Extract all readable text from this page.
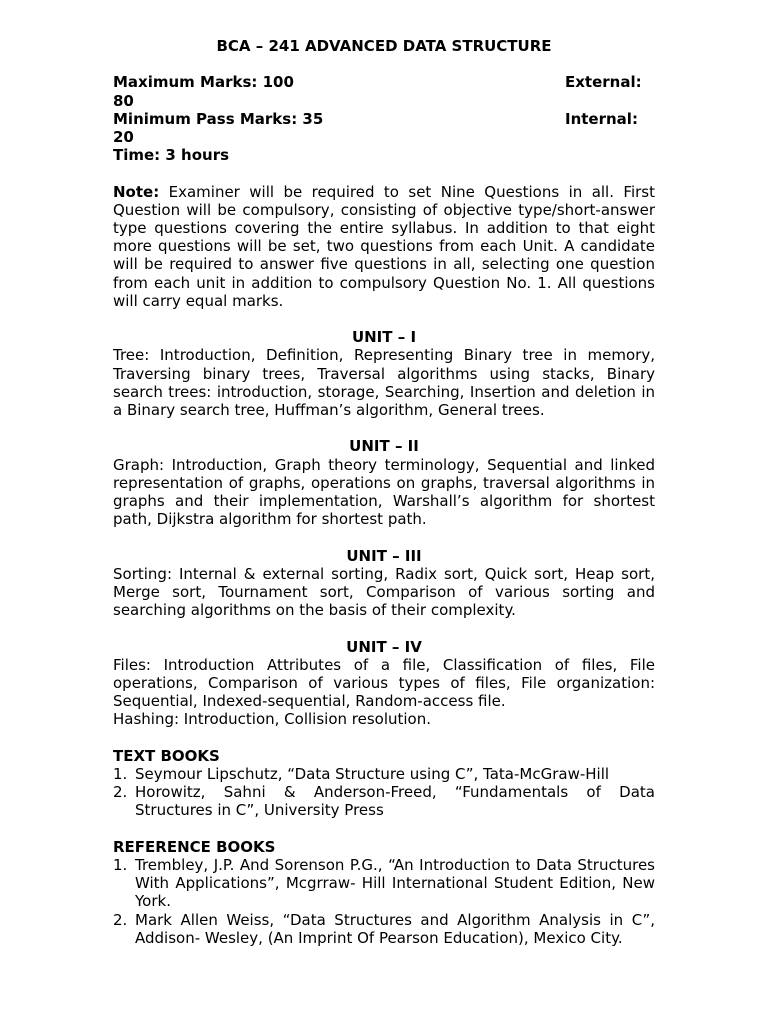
BCA – 241 ADVANCED DATA STRUCTURE

Maximum Marks: 100	External:
80
Minimum Pass Marks: 35	Internal:
20
Time: 3 hours

Note: Examiner will be required to set Nine Questions in all. First Question will be compulsory, consisting of objective type/short-answer type questions covering the entire syllabus. In addition to that eight more questions will be set, two questions from each Unit. A candidate will be required to answer five questions in all, selecting one question from each unit in addition to compulsory Question No. 1. All questions will carry equal marks.

UNIT – I

Tree: Introduction, Definition, Representing Binary tree in memory, Traversing binary trees, Traversal algorithms using stacks, Binary search trees: introduction, storage, Searching, Insertion and deletion in a Binary search tree, Huffman’s algorithm, General trees.

UNIT – II

Graph: Introduction, Graph theory terminology, Sequential and linked representation of graphs, operations on graphs, traversal algorithms in graphs and their implementation, Warshall’s algorithm for shortest path, Dijkstra algorithm for shortest path.

UNIT – III

Sorting: Internal & external sorting, Radix sort, Quick sort, Heap sort, Merge sort, Tournament sort, Comparison of various sorting and searching algorithms on the basis of their complexity.

UNIT – IV

Files: Introduction Attributes of a file, Classification of files, File operations, Comparison of various types of files, File organization: Sequential, Indexed-sequential, Random-access file.

Hashing: Introduction, Collision resolution.

TEXT BOOKS

1. Seymour Lipschutz, “Data Structure using C”, Tata-McGraw-Hill
2. Horowitz, Sahni & Anderson-Freed, “Fundamentals of Data Structures in C”, University Press

REFERENCE BOOKS

1. Trembley, J.P. And Sorenson P.G., “An Introduction to Data Structures With Applications”, Mcgrraw- Hill International Student Edition, New York.
2. Mark Allen Weiss, “Data Structures and Algorithm Analysis in C”, Addison- Wesley, (An Imprint Of Pearson Education), Mexico City.
